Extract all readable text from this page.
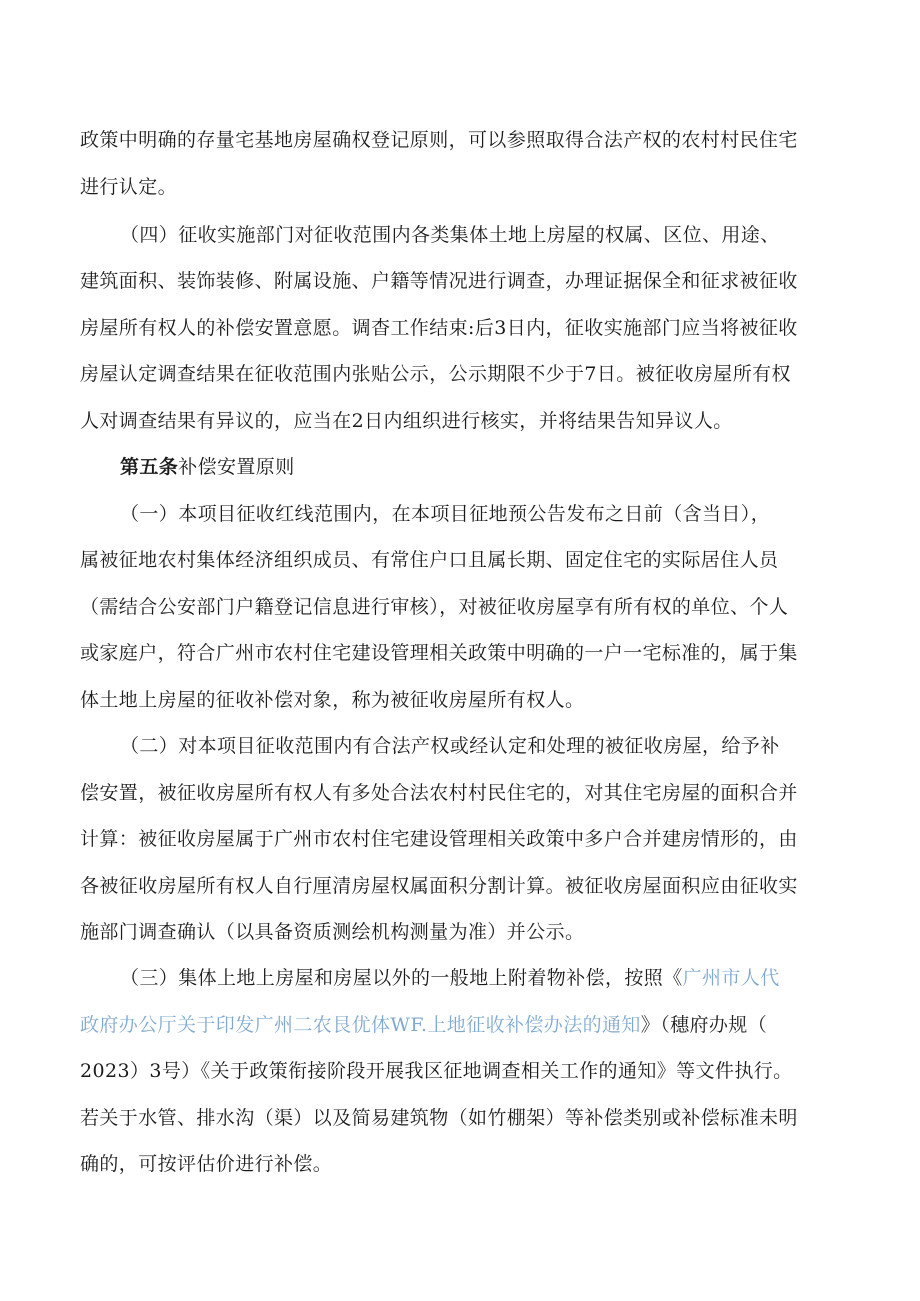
政策中明确的存量宅基地房屋确权登记原则，可以参照取得合法产权的农村村民住宅
进行认定。
（四）征收实施部门对征收范围内各类集体土地上房屋的权属、区位、用途、
建筑面积、装饰装修、附属设施、户籍等情况进行调查，办理证据保全和征求被征收
房屋所有权人的补偿安置意愿。调杳工作结束:后3日内，征收实施部门应当将被征收
房屋认定调查结果在征收范围内张贴公示，公示期限不少于7日。被征收房屋所有权
人对调查结果有异议的，应当在2日内组织进行核实，并将结果告知异议人。
第五条补偿安置原则
（一）本项目征收红线范围内，在本项目征地预公告发布之日前（含当日），
属被征地农村集体经济组织成员、有常住户口且属长期、固定住宅的实际居住人员
（需结合公安部门户籍登记信息进行审核），对被征收房屋享有所有权的单位、个人
或家庭户，符合广州市农村住宅建设管理相关政策中明确的一户一宅标准的，属于集
体土地上房屋的征收补偿对象，称为被征收房屋所有权人。
（二）对本项目征收范围内有合法产权或经认定和处理的被征收房屋，给予补
偿安置，被征收房屋所有权人有多处合法农村村民住宅的，对其住宅房屋的面积合并
计算：被征收房屋属于广州市农村住宅建设管理相关政策中多户合并建房情形的，由
各被征收房屋所有权人自行厘清房屋权属面积分割计算。被征收房屋面积应由征收实
施部门调查确认（以具备资质测绘机构测量为准）并公示。
（三）集体上地上房屋和房屋以外的一般地上附着物补偿，按照《广州市人代
政府办公厅关于印发广州二农艮优体WF.上地征收补偿办法的通知》（穗府办规（
2023）3号）《关于政策衔接阶段开展我区征地调查相关工作的通知》等文件执行。
若关于水管、排水沟（渠）以及简易建筑物（如竹棚架）等补偿类别或补偿标准未明
确的，可按评估价进行补偿。
